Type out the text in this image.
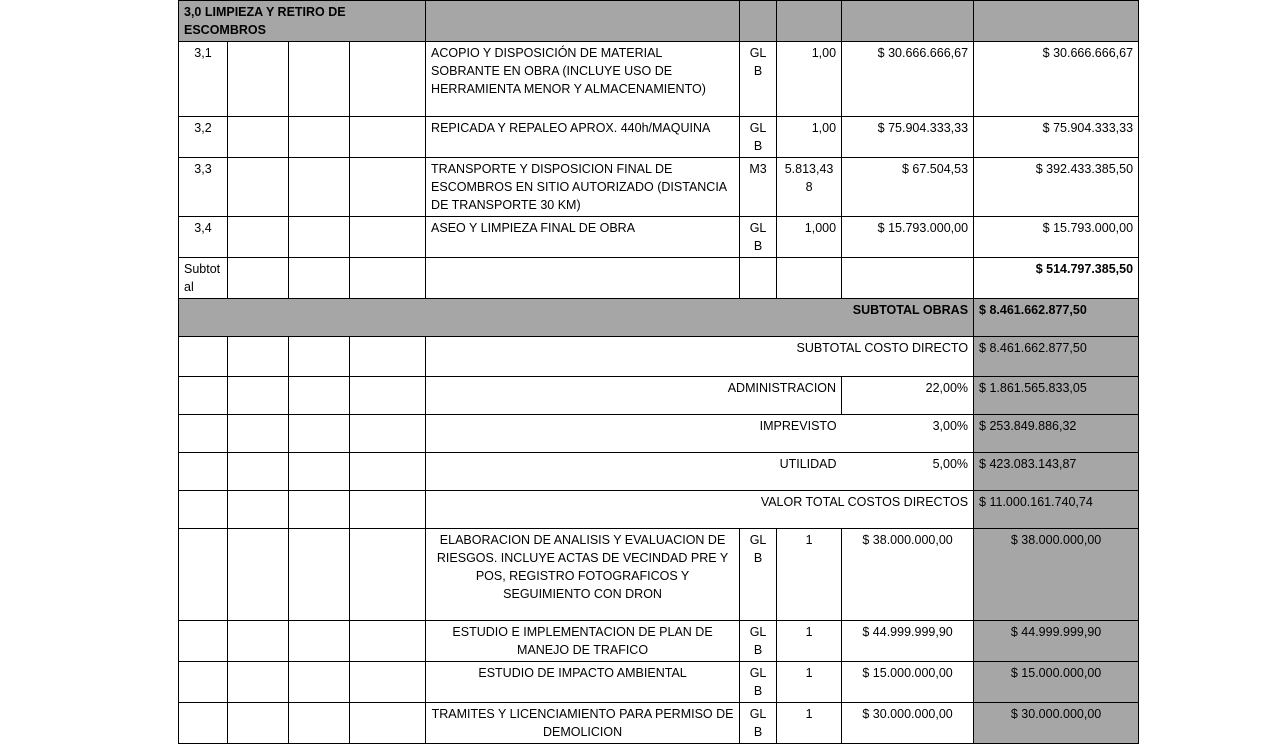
3,0 LIMPIEZA Y RETIRO DE ESCOMBROS								
3,1				ACOPIO Y DISPOSICIÓN DE MATERIAL SOBRANTE EN OBRA (INCLUYE USO DE HERRAMIENTA MENOR Y ALMACENAMIENTO)	GL B	1,00	$ 30.666.666,67	$ 30.666.666,67
3,2				REPICADA Y REPALEO APROX. 440h/MAQUINA	GL B	1,00	$ 75.904.333,33	$ 75.904.333,33
3,3				TRANSPORTE Y DISPOSICION FINAL DE ESCOMBROS EN SITIO AUTORIZADO (DISTANCIA DE TRANSPORTE 30 KM)	M3	5.813,438	$ 67.504,53	$ 392.433.385,50
3,4				ASEO Y LIMPIEZA FINAL DE OBRA	GL B	1,000	$ 15.793.000,00	$ 15.793.000,00
Subtotal								$ 514.797.385,50
SUBTOTAL OBRAS								$ 8.461.662.877,50
				SUBTOTAL COSTO DIRECTO				$ 8.461.662.877,50
				ADMINISTRACION			22,00%	$ 1.861.565.833,05
				IMPREVISTO			3,00%	$ 253.849.886,32
				UTILIDAD			5,00%	$ 423.083.143,87
				VALOR TOTAL COSTOS DIRECTOS				$ 11.000.161.740,74
				ELABORACION DE ANALISIS Y EVALUACION DE RIESGOS. INCLUYE ACTAS DE VECINDAD PRE Y POS, REGISTRO FOTOGRAFICOS Y SEGUIMIENTO CON DRON	GL B	1	$ 38.000.000,00	$ 38.000.000,00
				ESTUDIO E IMPLEMENTACION DE PLAN DE MANEJO DE TRAFICO	GL B	1	$ 44.999.999,90	$ 44.999.999,90
				ESTUDIO DE IMPACTO AMBIENTAL	GL B	1	$ 15.000.000,00	$ 15.000.000,00
				TRAMITES Y LICENCIAMIENTO PARA PERMISO DE DEMOLICION	GL B	1	$ 30.000.000,00	$ 30.000.000,00
